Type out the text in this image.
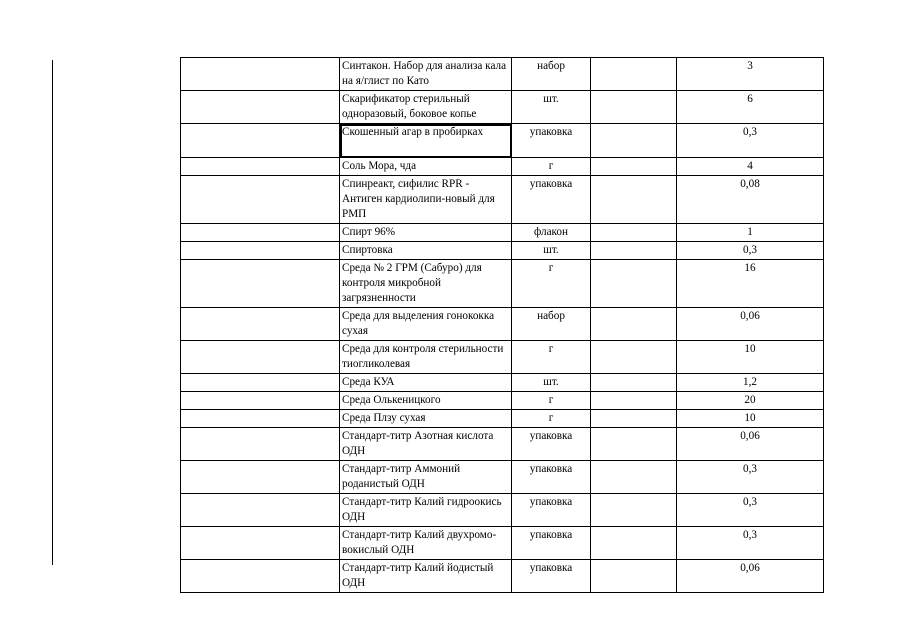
	Синтакон. Набор для анализа кала на я/глист по Като	набор		3
	Скарификатор стерильный одноразовый, боковое копье	шт.		6
	Скошенный агар в пробирках	упаковка		0,3
	Соль Мора, чда	г		4
	Спинреакт, сифилис RPR - Антиген кардиолипи-новый для РМП	упаковка		0,08
	Спирт 96%	флакон		1
	Спиртовка	шт.		0,3
	Среда № 2 ГРМ (Сабуро) для контроля микробной загрязненности	г		16
	Среда для выделения гонококка сухая	набор		0,06
	Среда для контроля стерильности тиогликолевая	г		10
	Среда КУА	шт.		1,2
	Среда Олькеницкого	г		20
	Среда Плзу сухая	г		10
	Стандарт-титр Азотная кислота ОДН	упаковка		0,06
	Стандарт-титр Аммоний роданистый ОДН	упаковка		0,3
	Стандарт-титр Калий гидроокись ОДН	упаковка		0,3
	Стандарт-титр Калий двухромо-вокислый ОДН	упаковка		0,3
	Стандарт-титр Калий йодистый ОДН	упаковка		0,06
